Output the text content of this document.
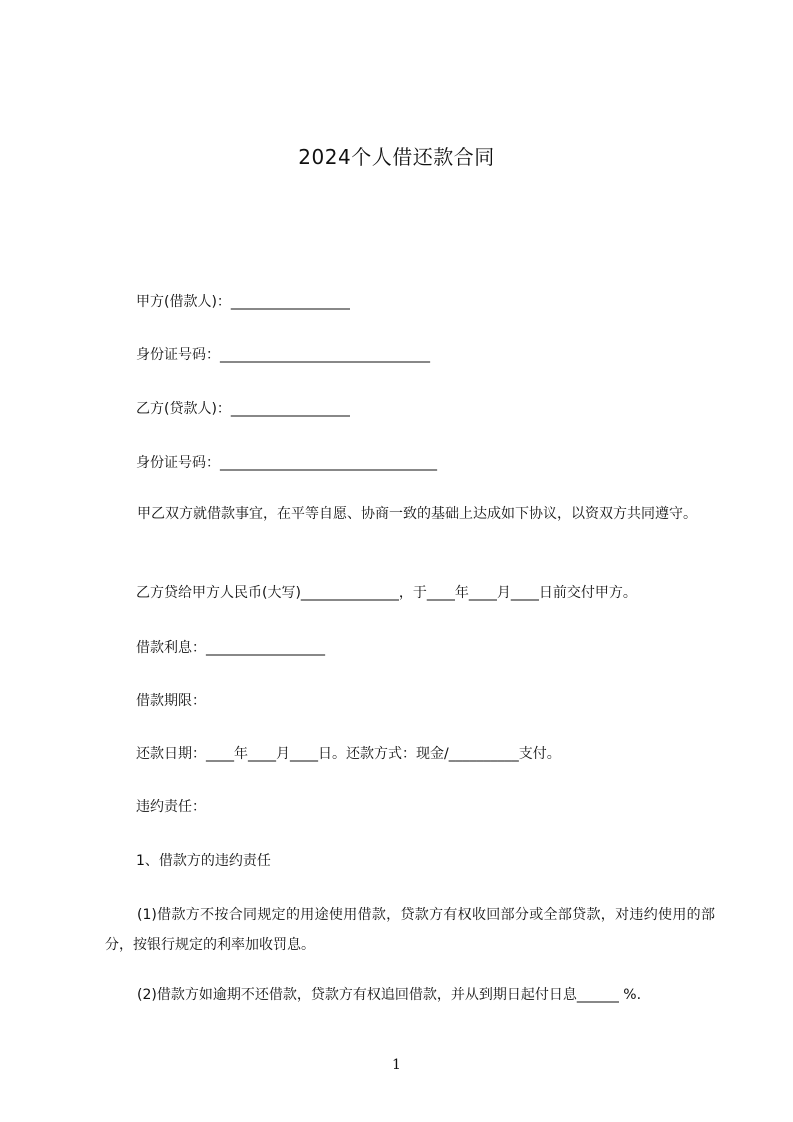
2024个人借还款合同
甲方(借款人)：_________________
身份证号码：______________________________
乙方(贷款人)：_________________
身份证号码：_______________________________
甲乙双方就借款事宜，在平等自愿、协商一致的基础上达成如下协议，以资双方共同遵守。
乙方贷给甲方人民币(大写)______________，于____年____月____日前交付甲方。
借款利息：_________________
借款期限：
还款日期：____年____月____日。还款方式：现金/__________支付。
违约责任：
1、借款方的违约责任
(1)借款方不按合同规定的用途使用借款，贷款方有权收回部分或全部贷款，对违约使用的部分，按银行规定的利率加收罚息。
(2)借款方如逾期不还借款，贷款方有权追回借款，并从到期日起付日息______ %.
1
